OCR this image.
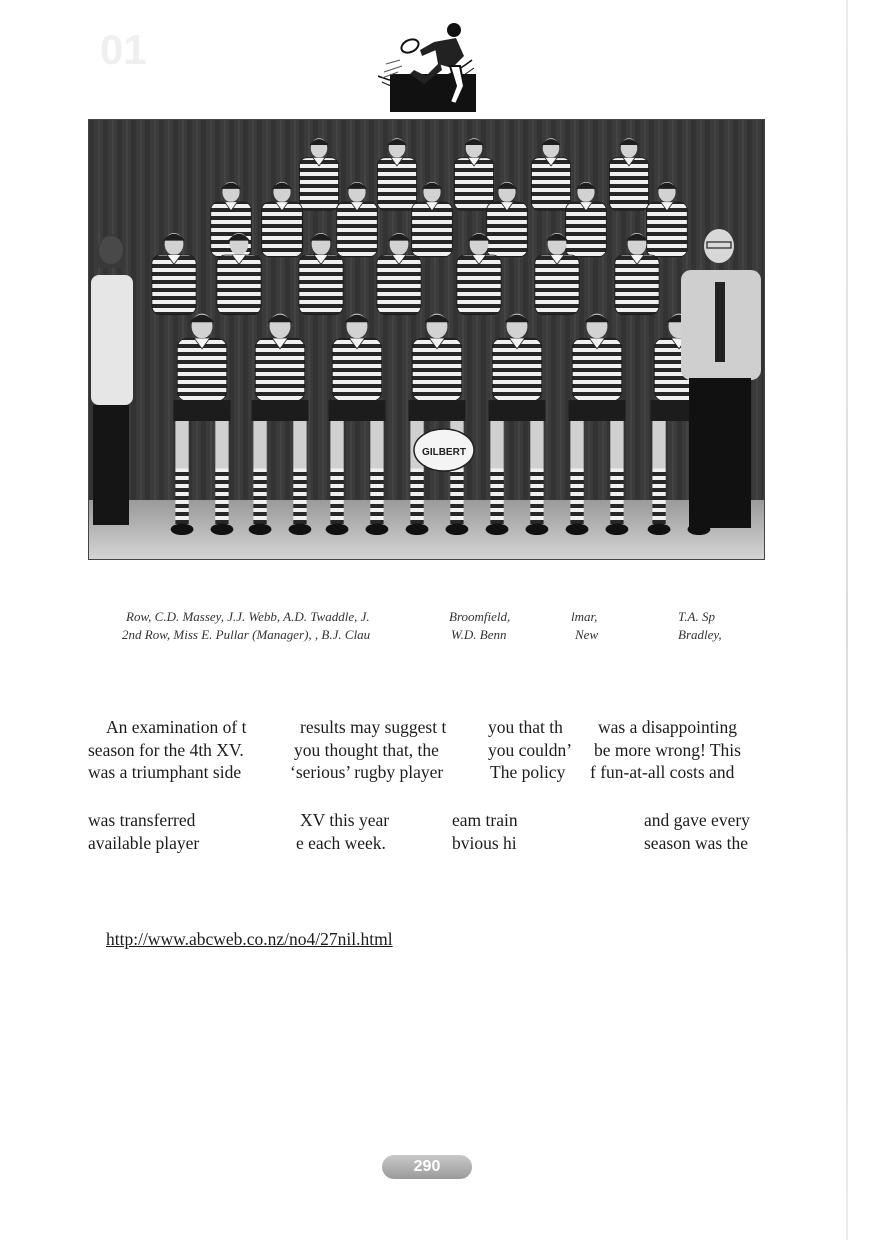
01
GILBERT
Row, C.D. Massey, J.J. Webb, A.D. Twaddle, J.	Broomfield,	lmar,	T.A. Sp
2nd Row, Miss E. Pullar (Manager), , B.J. Clau	W.D. Benn	New	Bradley,
An examination of t	results may suggest t you that th was a disappointing
season for the 4th XV.	you thought that, the	you couldn’ be more wrong! This
was a triumphant side	‘serious’ rugby player	The policy f fun-at-all costs and
was transferred	XV this year	eam train	and gave every
available player	e each week.	bvious hi	season was the
http://www.abcweb.co.nz/no4/27nil.html
290
